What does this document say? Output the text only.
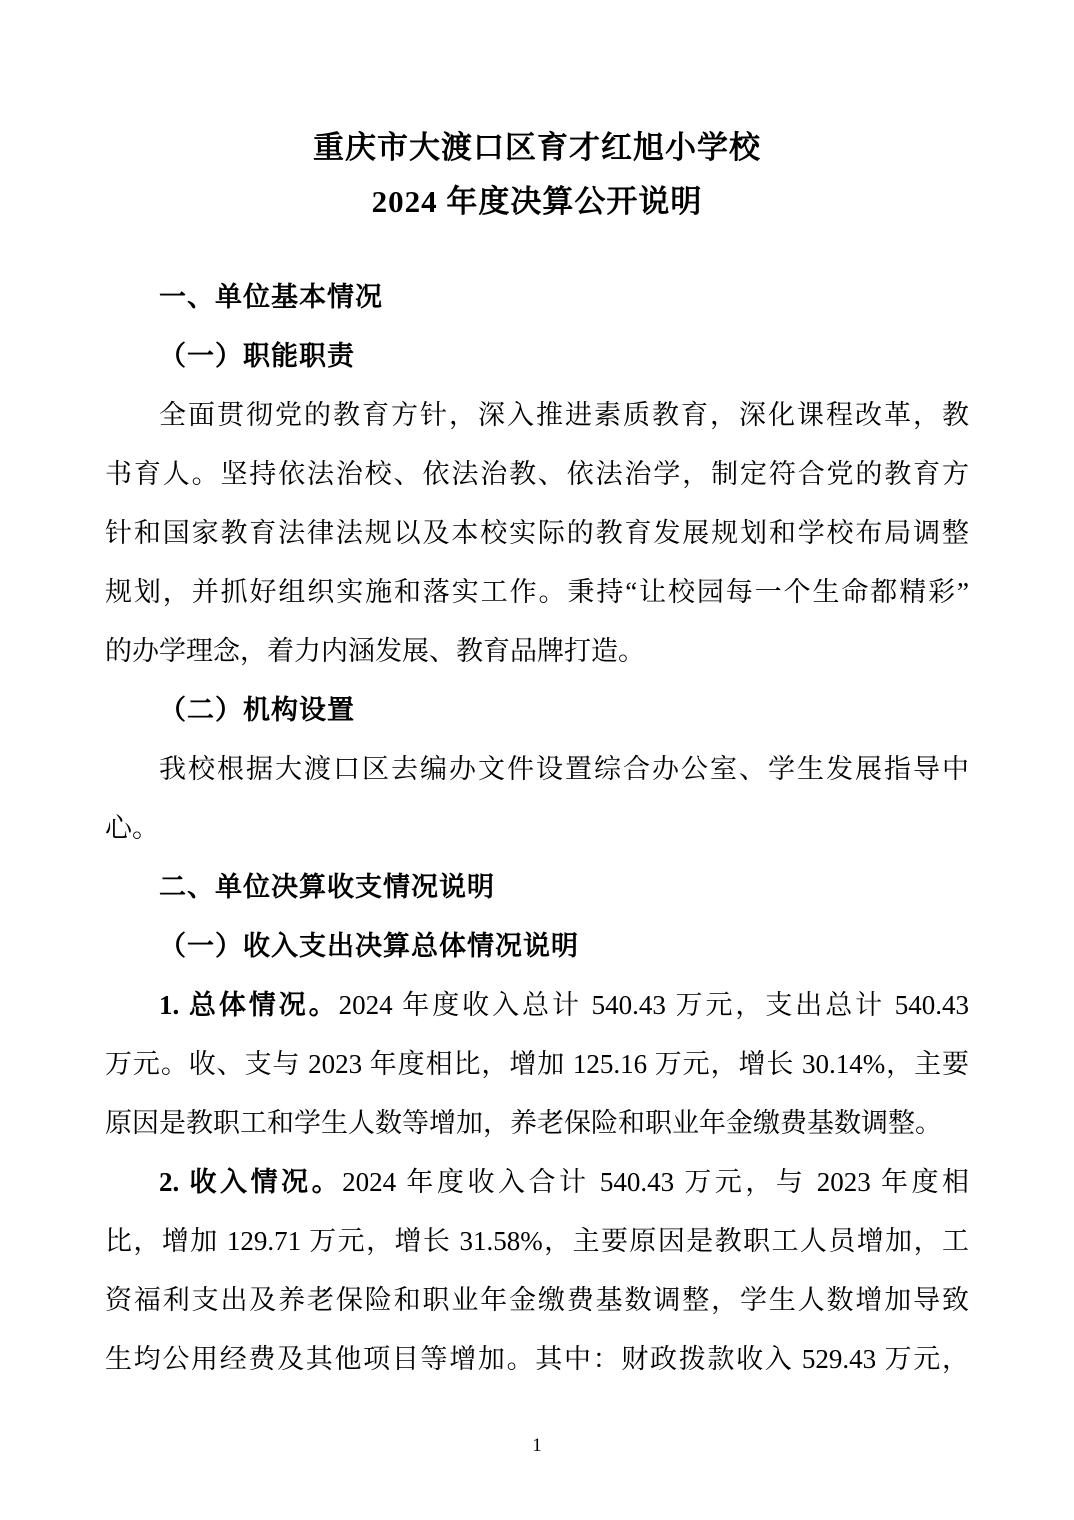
重庆市大渡口区育才红旭小学校
2024 年度决算公开说明
一、单位基本情况
（一）职能职责
全面贯彻党的教育方针，深入推进素质教育，深化课程改革，教
书育人。坚持依法治校、依法治教、依法治学，制定符合党的教育方
针和国家教育法律法规以及本校实际的教育发展规划和学校布局调整
规划，并抓好组织实施和落实工作。秉持“让校园每一个生命都精彩”
的办学理念，着力内涵发展、教育品牌打造。
（二）机构设置
我校根据大渡口区去编办文件设置综合办公室、学生发展指导中
心。
二、单位决算收支情况说明
（一）收入支出决算总体情况说明
1. 总体情况。2024 年度收入总计 540.43 万元，支出总计 540.43
万元。收、支与 2023 年度相比，增加 125.16 万元，增长 30.14%，主要
原因是教职工和学生人数等增加，养老保险和职业年金缴费基数调整。
2. 收入情况。2024 年度收入合计 540.43 万元，与 2023 年度相
比，增加 129.71 万元，增长 31.58%，主要原因是教职工人员增加，工
资福利支出及养老保险和职业年金缴费基数调整，学生人数增加导致
生均公用经费及其他项目等增加。其中：财政拨款收入 529.43 万元，
1
